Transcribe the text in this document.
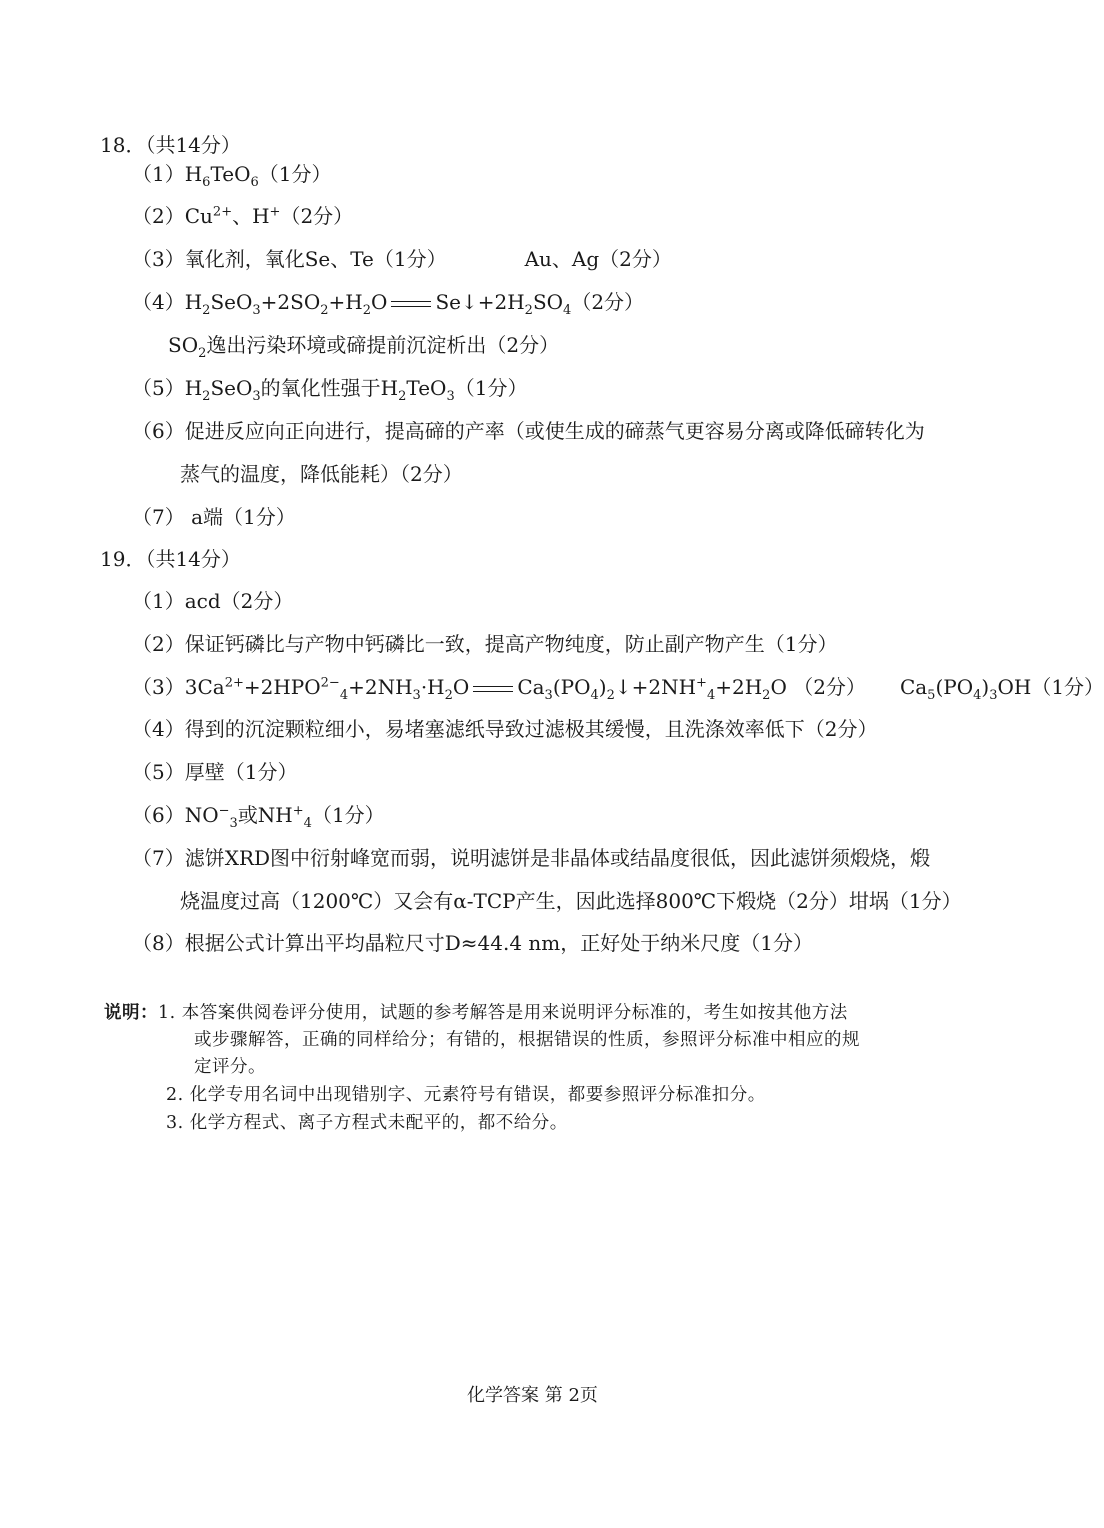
18．（共14分）
$(1)H_6TeO_6(1$分）
$(2)Cu^{2+}$、H+（2分）
（3）氧化剂，氧化Se、Te（1分）	Au、Ag（2分）
$(4)H_2SeO_3+2SO_2+H_2O$ $Se↓+2H_2SO_4(2$分）
$SO_2$逸出污染环境或碲提前沉淀析出（2分）
$(5)H_2SeO_3$的氧化性强于$H_2TeO_3(1$分）
（6）促进反应向正向进行，提高碲的产率（或使生成的碲蒸气更容易分离或降低碲转化为
蒸气的温度，降低能耗）（2分）
（7） a端（1分）
19．（共14分）
（1）acd（2分）
（2）保证钙磷比与产物中钙磷比一致，提高产物纯度，防止副产物产生（1分）
$(3)3Ca^{2+}+2HPO^{2-}_4+2NH_3\cdot H_2O$ $Ca_3(PO_4)_2↓+2NH^+_4+2H_2O$ （2分） $Ca_5(PO_4)_3OH(1$分）
（4）得到的沉淀颗粒细小，易堵塞滤纸导致过滤极其缓慢，且洗涤效率低下（2分）
（5）厚壁（1分）
$(6)NO^-_3$或$NH^+_4(1$分）
（7）滤饼XRD图中衍射峰宽而弱，说明滤饼是非晶体或结晶度很低，因此滤饼须煅烧，煅
烧温度过高（1200℃）又会有α-TCP产生，因此选择800℃下煅烧（2分）坩埚（1分）
（8）根据公式计算出平均晶粒尺寸D≈44.4 nm，正好处于纳米尺度（1分）
说明：1. 本答案供阅卷评分使用，试题的参考解答是用来说明评分标准的，考生如按其他方法
或步骤解答，正确的同样给分；有错的，根据错误的性质，参照评分标准中相应的规
定评分。
2. 化学专用名词中出现错别字、元素符号有错误，都要参照评分标准扣分。
3. 化学方程式、离子方程式未配平的，都不给分。
化学答案 第 2页
